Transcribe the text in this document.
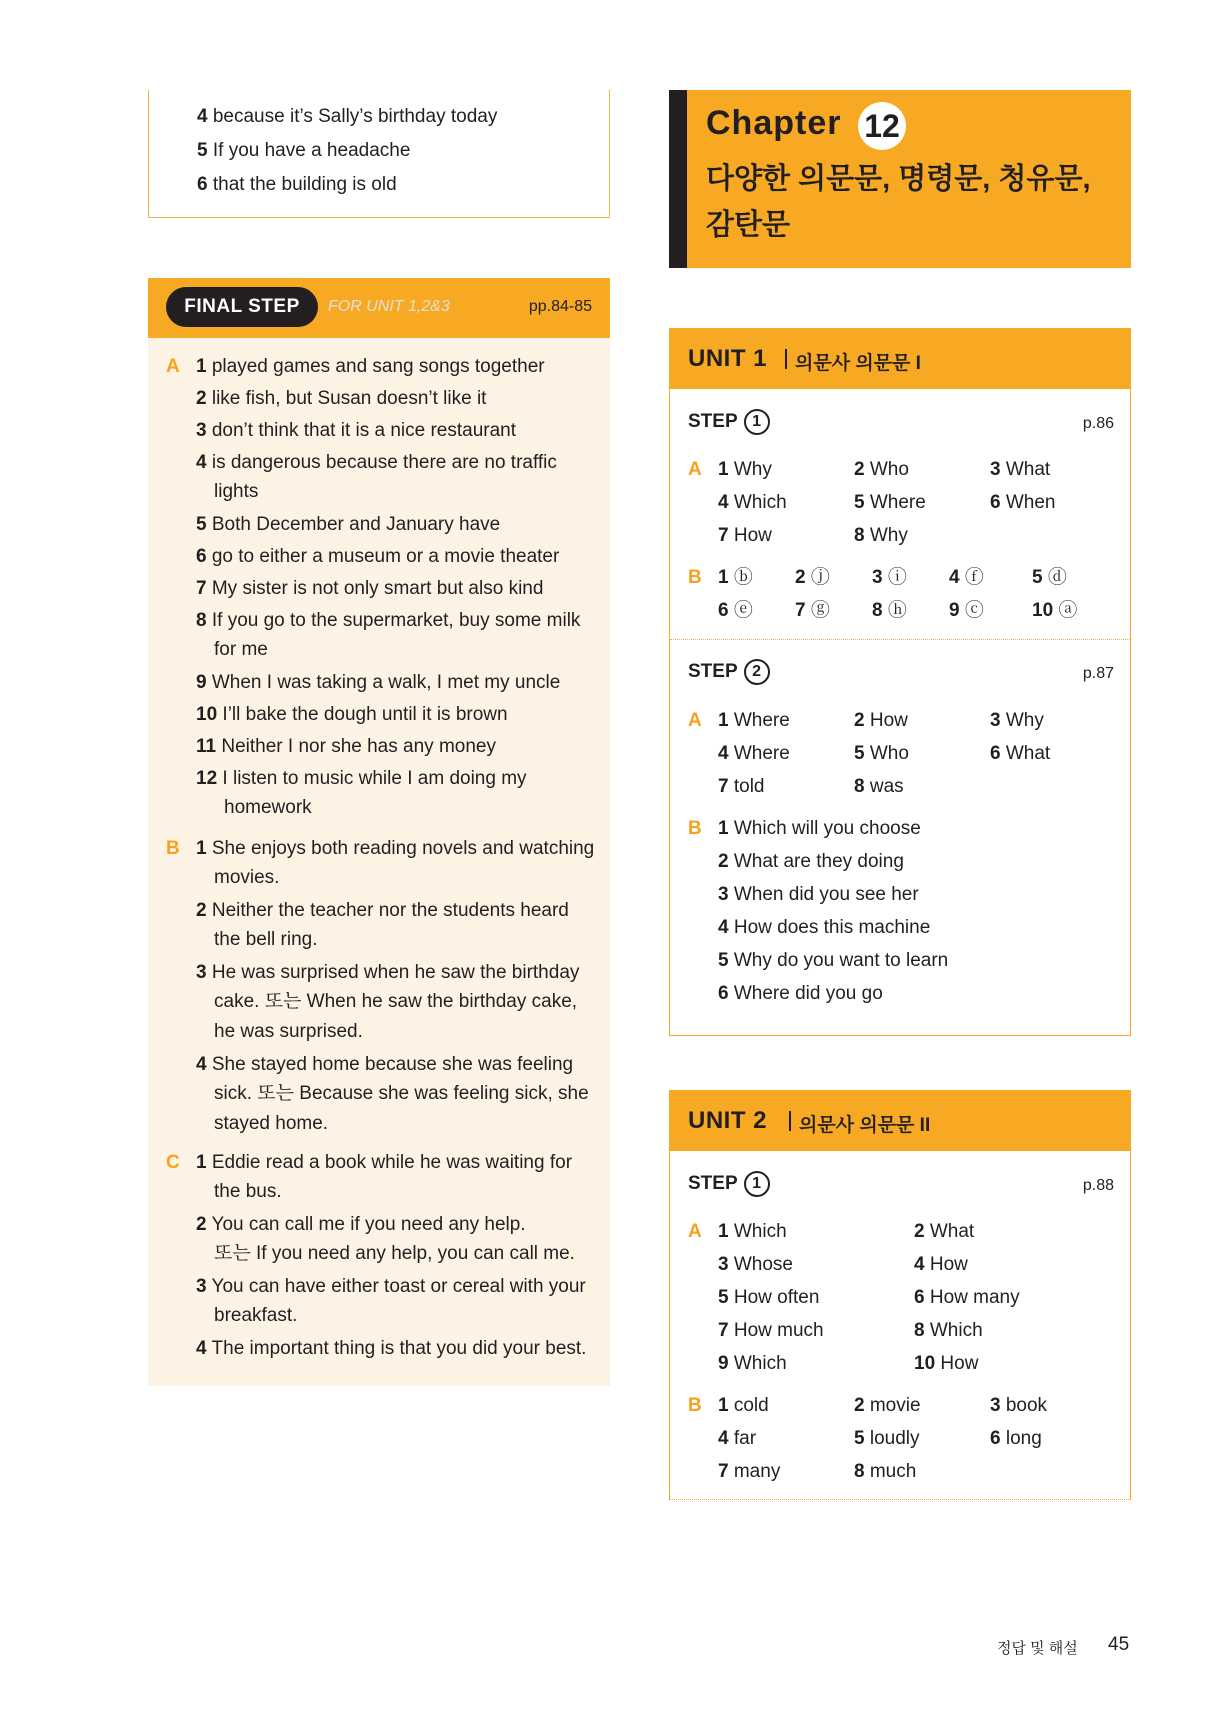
4 because it’s Sally’s birthday today
5 If you have a headache
6 that the building is old
FINAL STEP	FOR UNIT 1,2&3	pp.84-85
A 1 played games and sang songs together
2 like fish, but Susan doesn’t like it
3 don’t think that it is a nice restaurant
4 is dangerous because there are no traffic
lights
5 Both December and January have
6 go to either a museum or a movie theater
7 My sister is not only smart but also kind
8 If you go to the supermarket, buy some milk
for me
9 When I was taking a walk, I met my uncle
10 I’ll bake the dough until it is brown
11 Neither I nor she has any money
12 I listen to music while I am doing my
homework
B 1 She enjoys both reading novels and watching
movies.
2 Neither the teacher nor the students heard
the bell ring.
3 He was surprised when he saw the birthday
cake. 또는 When he saw the birthday cake,
he was surprised.
4 She stayed home because she was feeling
sick. 또는 Because she was feeling sick, she
stayed home.
C 1 Eddie read a book while he was waiting for
the bus.
2 You can call me if you need any help.
또는 If you need any help, you can call me.
3 You can have either toast or cereal with your
breakfast.
4 The important thing is that you did your best.
Chapter 12
다양한 의문문, 명령문, 청유문, 감탄문
UNIT 1 의문사 의문문 I
STEP 1	p.86
A 1 Why	2 Who	3 What
4 Which	5 Where	6 When
7 How	8 Why
B 1 ⓑ 2 ⓙ 3 ⓘ 4 ⓕ	5 ⓓ
6 ⓔ 7 ⓖ 8 ⓗ 9 ⓒ	10 ⓐ
STEP 2	p.87
A 1 Where	2 How	3 Why
4 Where	5 Who	6 What
7 told	8 was
B 1 Which will you choose
2 What are they doing
3 When did you see her
4 How does this machine
5 Why do you want to learn
6 Where did you go
UNIT 2 의문사 의문문 II
STEP 1	p.88
A 1 Which	2 What
3 Whose	4 How
5 How often	6 How many
7 How much	8 Which
9 Which	10 How
B 1 cold	2 movie	3 book
4 far	5 loudly	6 long
7 many	8 much
정답 및 해설 45
